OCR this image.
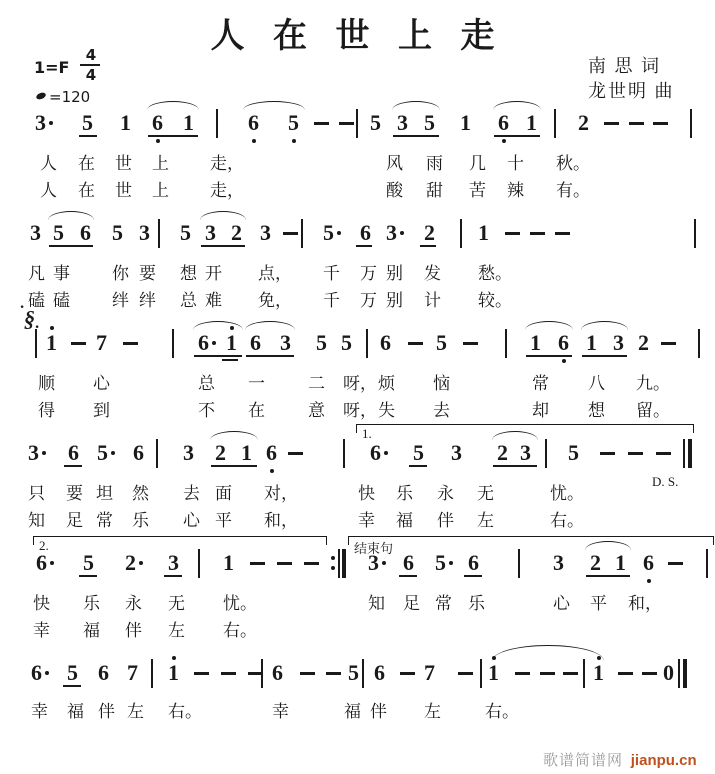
人 在 世 上 走
1=F
4
4
=120
南 思 词
龙世明 曲
3 5 1 6 1 6 5	5 3 5 1 6 1 2
人 在 世 上 走，	风 雨 几 十 秋。
人 在 世 上 走，	酸 甜 苦 辣 有。
3 5 6 5 3 5 3 2 3 5 6 3 2 1
凡 事 你 要 想 开 点， 千 万 别 发 愁。
磕 磕 绊 绊 总 难 免， 千 万 别 计 较。
1 7	6 1 6 3 5 5 6 5	1 6 1 3 2
· § ·
顺 心	总 一	二 呀， 烦 恼	常 八 九。
得 到	不 在	意 呀， 失 去	却 想 留。
3 6 5 6 3 2 1 6	6 5 3 2 3 5
1.
D. S.
只 要 坦 然 去 面 对，	快 乐 永 无	忧。
知 足 常 乐 心 平 和，	幸 福 伴 左	右。
6 5 2 3 1	3 6 5 6	3 2 1 6
2.	结束句
快 乐 永 无 忧。	知 足 常 乐	心 平 和，
幸 福 伴 左 右。
6 5 6 7 1	6	5 6 7 1	1	0
幸 福 伴 左 右。	幸	福 伴 左	右。
歌谱简谱网 jianpu.cn
